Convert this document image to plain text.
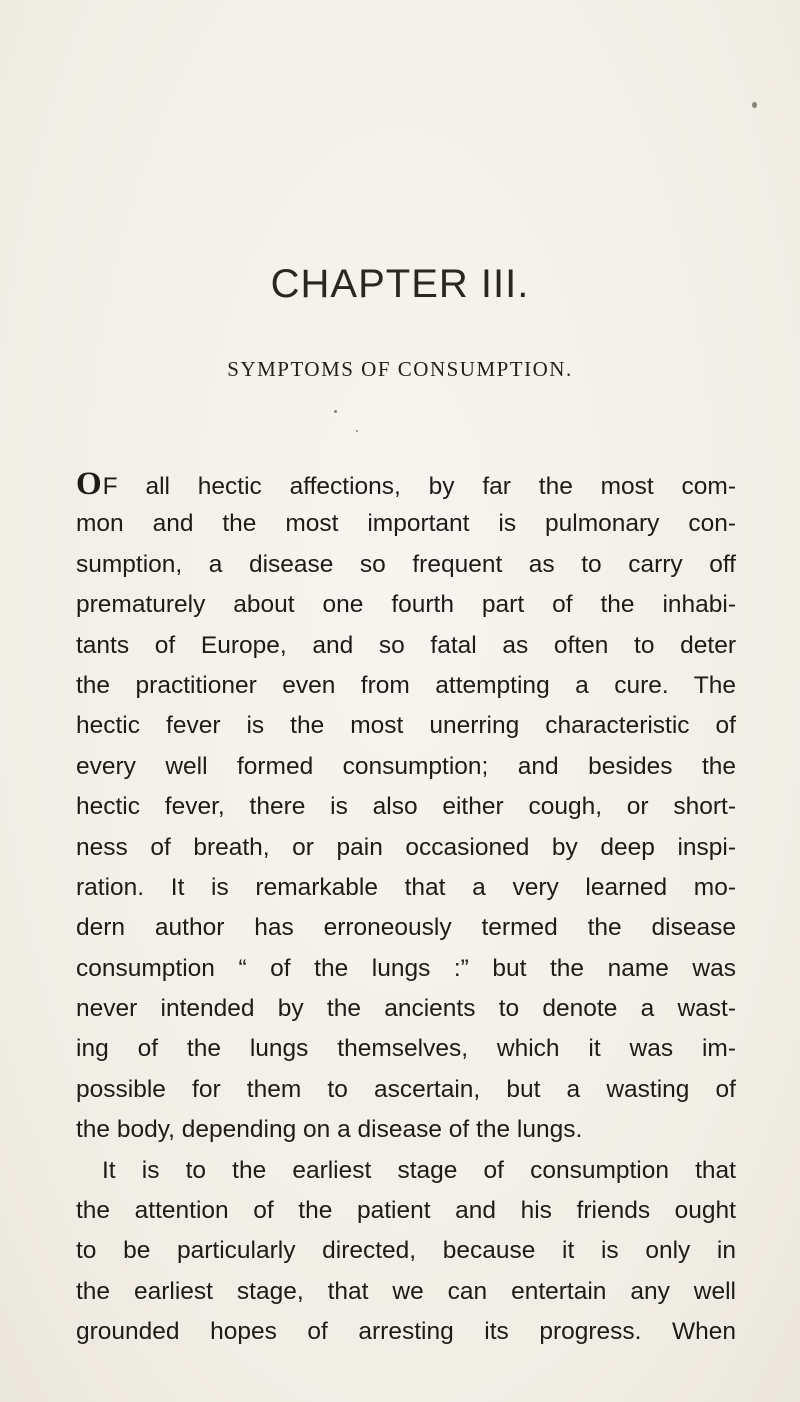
CHAPTER III.
SYMPTOMS OF CONSUMPTION.
OF all hectic affections, by far the most com-
mon and the most important is pulmonary con-
sumption, a disease so frequent as to carry off
prematurely about one fourth part of the inhabi-
tants of Europe, and so fatal as often to deter
the practitioner even from attempting a cure. The
hectic fever is the most unerring characteristic of
every well formed consumption; and besides the
hectic fever, there is also either cough, or short-
ness of breath, or pain occasioned by deep inspi-
ration. It is remarkable that a very learned mo-
dern author has erroneously termed the disease
consumption “ of the lungs :” but the name was
never intended by the ancients to denote a wast-
ing of the lungs themselves, which it was im-
possible for them to ascertain, but a wasting of
the body, depending on a disease of the lungs.
It is to the earliest stage of consumption that
the attention of the patient and his friends ought
to be particularly directed, because it is only in
the earliest stage, that we can entertain any well
grounded hopes of arresting its progress. When
